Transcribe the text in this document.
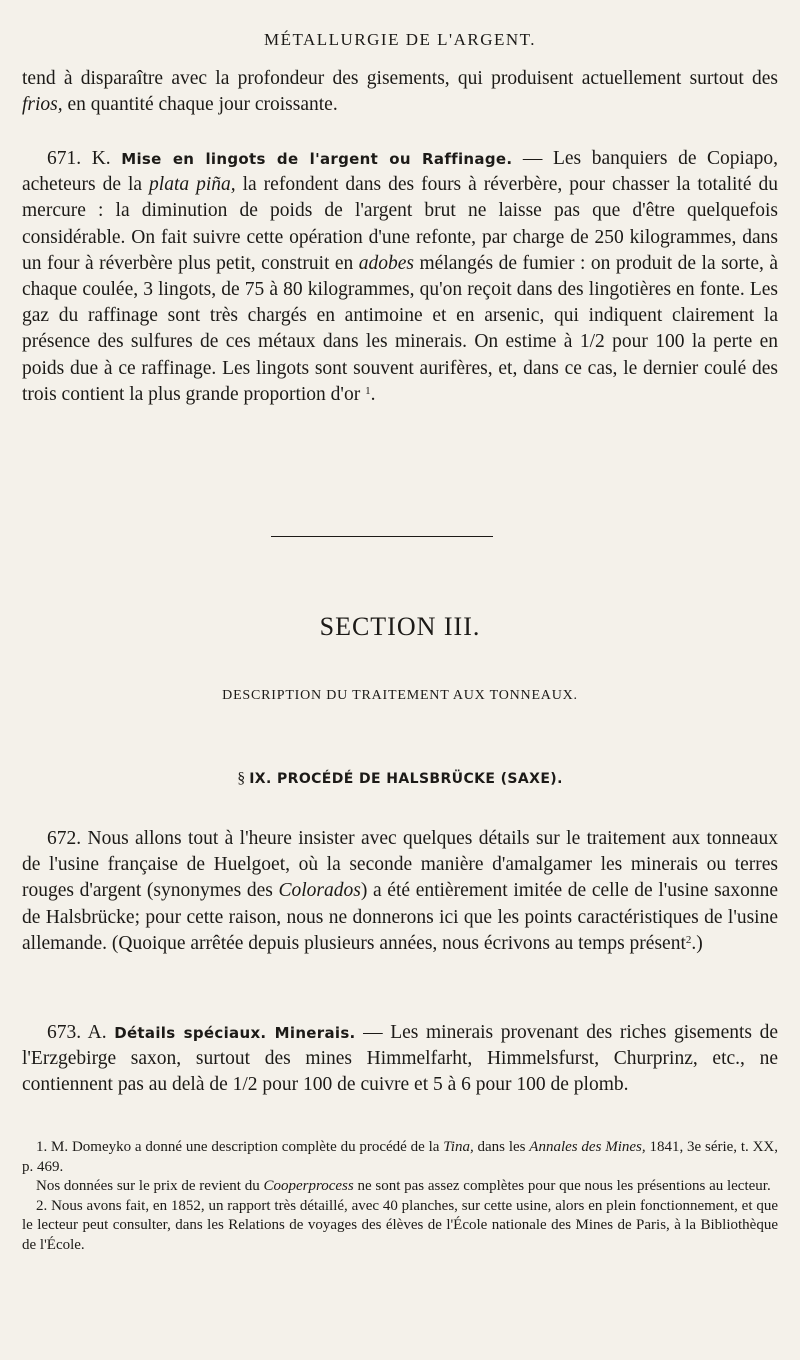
MÉTALLURGIE DE L'ARGENT.

tend à disparaître avec la profondeur des gisements, qui produisent actuellement surtout des frios, en quantité chaque jour croissante.

671. K. Mise en lingots de l'argent ou Raffinage. — Les banquiers de Copiapo, acheteurs de la plata piña, la refondent dans des fours à réverbère, pour chasser la totalité du mercure : la diminution de poids de l'argent brut ne laisse pas que d'être quelquefois considérable. On fait suivre cette opération d'une refonte, par charge de 250 kilogrammes, dans un four à réverbère plus petit, construit en adobes mélangés de fumier : on produit de la sorte, à chaque coulée, 3 lingots, de 75 à 80 kilogrammes, qu'on reçoit dans des lingotières en fonte. Les gaz du raffinage sont très chargés en antimoine et en arsenic, qui indiquent clairement la présence des sulfures de ces métaux dans les minerais. On estime à 1/2 pour 100 la perte en poids due à ce raffinage. Les lingots sont souvent aurifères, et, dans ce cas, le dernier coulé des trois contient la plus grande proportion d'or $^1$.

SECTION III.
DESCRIPTION DU TRAITEMENT AUX TONNEAUX.
§ IX. PROCÉDÉ DE HALSBRÜCKE (SAXE).

672. Nous allons tout à l'heure insister avec quelques détails sur le traitement aux tonneaux de l'usine française de Huelgoet, où la seconde manière d'amalgamer les minerais ou terres rouges d'argent (synonymes des Colorados) a été entièrement imitée de celle de l'usine saxonne de Halsbrücke; pour cette raison, nous ne donnerons ici que les points caractéristiques de l'usine allemande. (Quoique arrêtée depuis plusieurs années, nous écrivons au temps présent$^2$.)

673. A. Détails spéciaux. Minerais. — Les minerais provenant des riches gisements de l'Erzgebirge saxon, surtout des mines Himmelfarht, Himmelsfurst, Churprinz, etc., ne contiennent pas au delà de 1/2 pour 100 de cuivre et 5 à 6 pour 100 de plomb.

1. M. Domeyko a donné une description complète du procédé de la Tina, dans les Annales des Mines, 1841, 3e série, t. XX, p. 469.

Nos données sur le prix de revient du Cooperprocess ne sont pas assez complètes pour que nous les présentions au lecteur.

2. Nous avons fait, en 1852, un rapport très détaillé, avec 40 planches, sur cette usine, alors en plein fonctionnement, et que le lecteur peut consulter, dans les Relations de voyages des élèves de l'École nationale des Mines de Paris, à la Bibliothèque de l'École.
